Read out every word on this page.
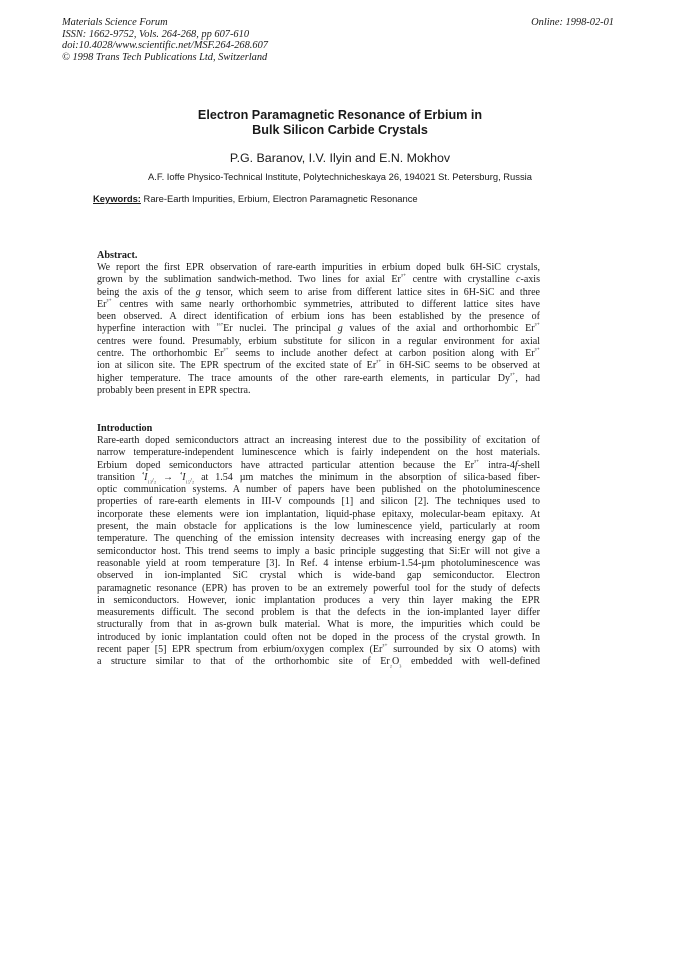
Materials Science Forum
ISSN: 1662-9752, Vols. 264-268, pp 607-610
doi:10.4028/www.scientific.net/MSF.264-268.607
© 1998 Trans Tech Publications Ltd, Switzerland
Online: 1998-02-01
Electron Paramagnetic Resonance of Erbium in
Bulk Silicon Carbide Crystals
P.G. Baranov, I.V. Ilyin and E.N. Mokhov
A.F. Ioffe Physico-Technical Institute, Polytechnicheskaya 26, 194021 St. Petersburg, Russia
Keywords: Rare-Earth Impurities, Erbium, Electron Paramagnetic Resonance
Abstract.
We report the first EPR observation of rare-earth impurities in erbium doped bulk 6H-SiC crystals,
grown by the sublimation sandwich-method. Two lines for axial $Er^{^{3+}}$ centre with crystalline c-axis
being the axis of the g tensor, which seem to arise from different lattice sites in 6H-SiC and three
$Er^{^{3+}}$ centres with same nearly orthorhombic symmetries, attributed to different lattice sites have
been observed. A direct identification of erbium ions has been established by the presence of
hyperfine interaction with $^{^{167}}$Er nuclei. The principal g values of the axial and orthorhombic $Er^{^{3+}}$
centres were found. Presumably, erbium substitute for silicon in a regular environment for axial
centre. The orthorhombic $Er^{^{3+}}$ seems to include another defect at carbon position along with $Er^{^{3+}}$
ion at silicon site. The EPR spectrum of the excited state of $Er^{^{3+}}$ in 6H-SiC seems to be observed at
higher temperature. The trace amounts of the other rare-earth elements, in particular $Dy^{^{3+}}$, had
probably been present in EPR spectra.
Introduction
Rare-earth doped semiconductors attract an increasing interest due to the possibility of excitation of
narrow temperature-independent luminescence which is fairly independent on the host materials.
Erbium doped semiconductors have attracted particular attention because the $Er^{^{3+}}$ intra-4f-shell
transition $^{^4}I_{_{13}/_2} \to ^{^4}I_{_{15}/_2}$ at 1.54 µm matches the minimum in the absorption of silica-based fiber-
optic communication systems. A number of papers have been published on the photoluminescence
properties of rare-earth elements in III-V compounds [1] and silicon [2]. The techniques used to
incorporate these elements were ion implantation, liquid-phase epitaxy, molecular-beam epitaxy. At
present, the main obstacle for applications is the low luminescence yield, particularly at room
temperature. The quenching of the emission intensity decreases with increasing energy gap of the
semiconductor host. This trend seems to imply a basic principle suggesting that Si:Er will not give a
reasonable yield at room temperature [3]. In Ref. 4 intense erbium-1.54-µm photoluminescence was
observed in ion-implanted SiC crystal which is wide-band gap semiconductor. Electron
paramagnetic resonance (EPR) has proven to be an extremely powerful tool for the study of defects
in semiconductors. However, ionic implantation produces a very thin layer making the EPR
measurements difficult. The second problem is that the defects in the ion-implanted layer differ
structurally from that in as-grown bulk material. What is more, the impurities which could be
introduced by ionic implantation could often not be doped in the process of the crystal growth. In
recent paper [5] EPR spectrum from erbium/oxygen complex ($Er^{^{3+}}$ surrounded by six O atoms) with
a structure similar to that of the orthorhombic site of $Er_{_2}O_{_3}$ embedded with well-defined
